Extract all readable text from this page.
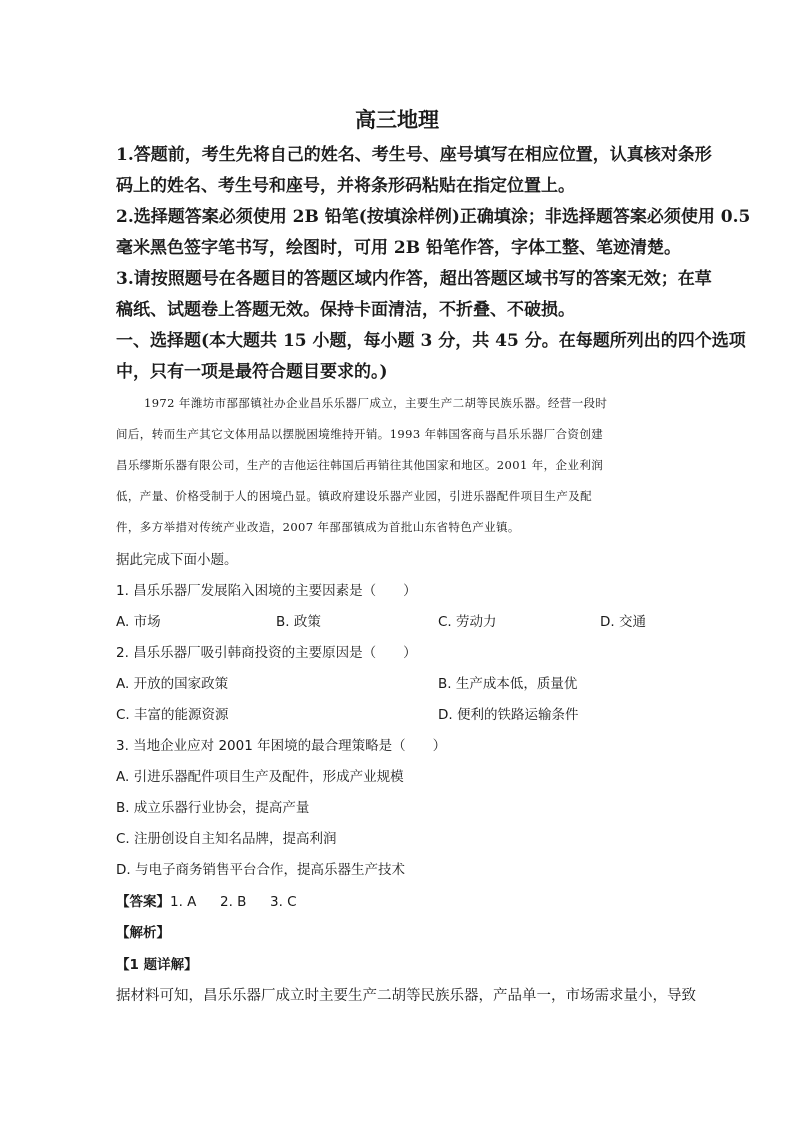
高三地理
1.答题前，考生先将自己的姓名、考生号、座号填写在相应位置，认真核对条形
码上的姓名、考生号和座号，并将条形码粘贴在指定位置上。
2.选择题答案必须使用 2B 铅笔(按填涂样例)正确填涂；非选择题答案必须使用 0.5
毫米黑色签字笔书写，绘图时，可用 2B 铅笔作答，字体工整、笔迹清楚。
3.请按照题号在各题目的答题区域内作答，超出答题区域书写的答案无效；在草
稿纸、试题卷上答题无效。保持卡面清洁，不折叠、不破损。
一、选择题(本大题共 15 小题，每小题 3 分，共 45 分。在每题所列出的四个选项
中，只有一项是最符合题目要求的。)
1972 年潍坊市郚郚镇社办企业昌乐乐器厂成立，主要生产二胡等民族乐器。经营一段时
间后，转而生产其它文体用品以摆脱困境维持开销。1993 年韩国客商与昌乐乐器厂合资创建
昌乐缪斯乐器有限公司，生产的吉他运往韩国后再销往其他国家和地区。2001 年，企业利润
低，产量、价格受制于人的困境凸显。镇政府建设乐器产业园，引进乐器配件项目生产及配
件，多方举措对传统产业改造，2007 年郚郚镇成为首批山东省特色产业镇。
据此完成下面小题。
1. 昌乐乐器厂发展陷入困境的主要因素是（　　）
A. 市场	B. 政策	C. 劳动力	D. 交通
2. 昌乐乐器厂吸引韩商投资的主要原因是（　　）
A. 开放的国家政策	B. 生产成本低，质量优
C. 丰富的能源资源	D. 便利的铁路运输条件
3. 当地企业应对 2001 年困境的最合理策略是（　　）
A. 引进乐器配件项目生产及配件，形成产业规模
B. 成立乐器行业协会，提高产量
C. 注册创设自主知名品牌，提高利润
D. 与电子商务销售平台合作，提高乐器生产技术
【答案】 1. A 2. B 3. C
【解析】
【1 题详解】
据材料可知，昌乐乐器厂成立时主要生产二胡等民族乐器，产品单一，市场需求量小，导致
